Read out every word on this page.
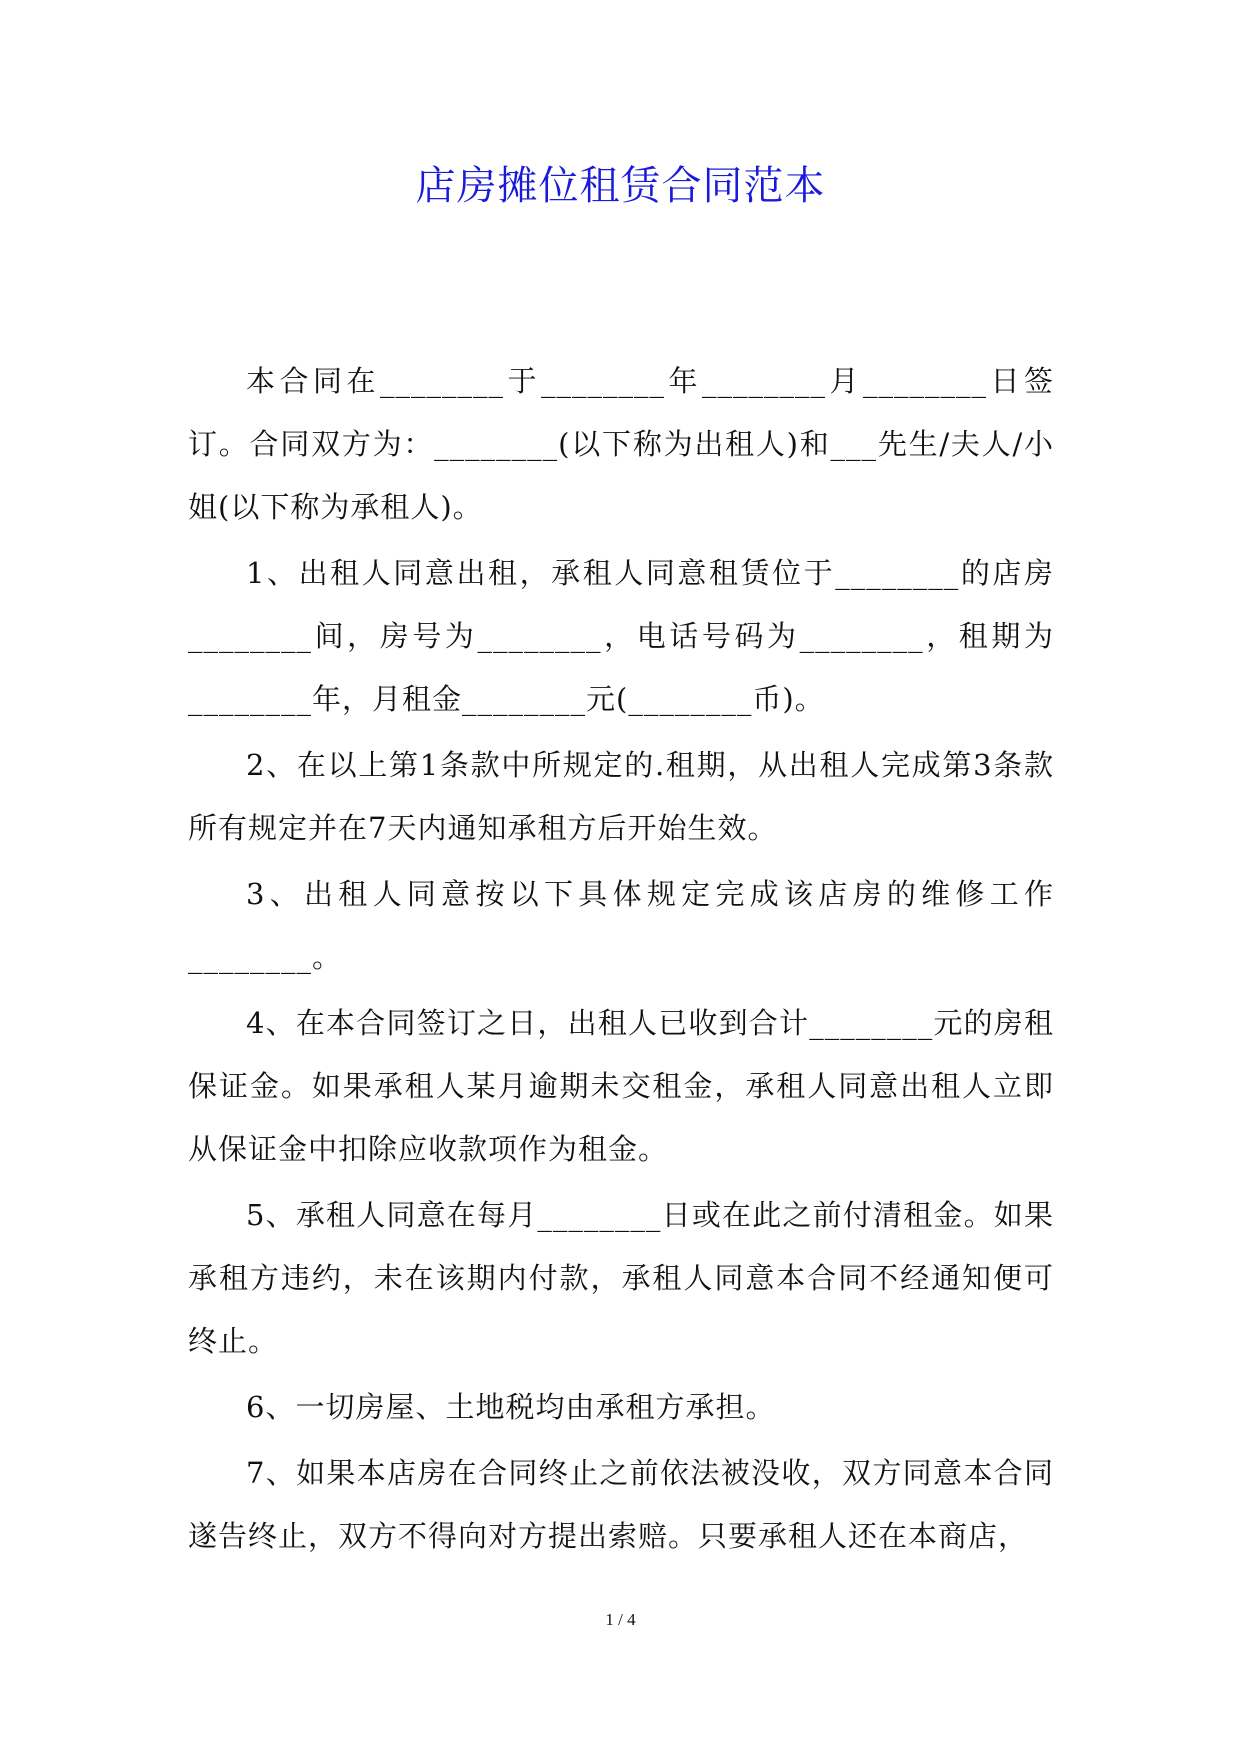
店房摊位租赁合同范本

本合同在________于________年________月________日签订。合同双方为：________(以下称为出租人)和___先生/夫人/小姐(以下称为承租人)。

1、出租人同意出租，承租人同意租赁位于________的店房________间，房号为________，电话号码为________，租期为________年，月租金________元(________币)。

2、在以上第1条款中所规定的.租期，从出租人完成第3条款所有规定并在7天内通知承租方后开始生效。

3、出租人同意按以下具体规定完成该店房的维修工作________。

4、在本合同签订之日，出租人已收到合计________元的房租保证金。如果承租人某月逾期未交租金，承租人同意出租人立即从保证金中扣除应收款项作为租金。

5、承租人同意在每月________日或在此之前付清租金。如果承租方违约，未在该期内付款，承租人同意本合同不经通知便可终止。

6、一切房屋、土地税均由承租方承担。

7、如果本店房在合同终止之前依法被没收，双方同意本合同遂告终止，双方不得向对方提出索赔。只要承租人还在本商店，

1 / 4
